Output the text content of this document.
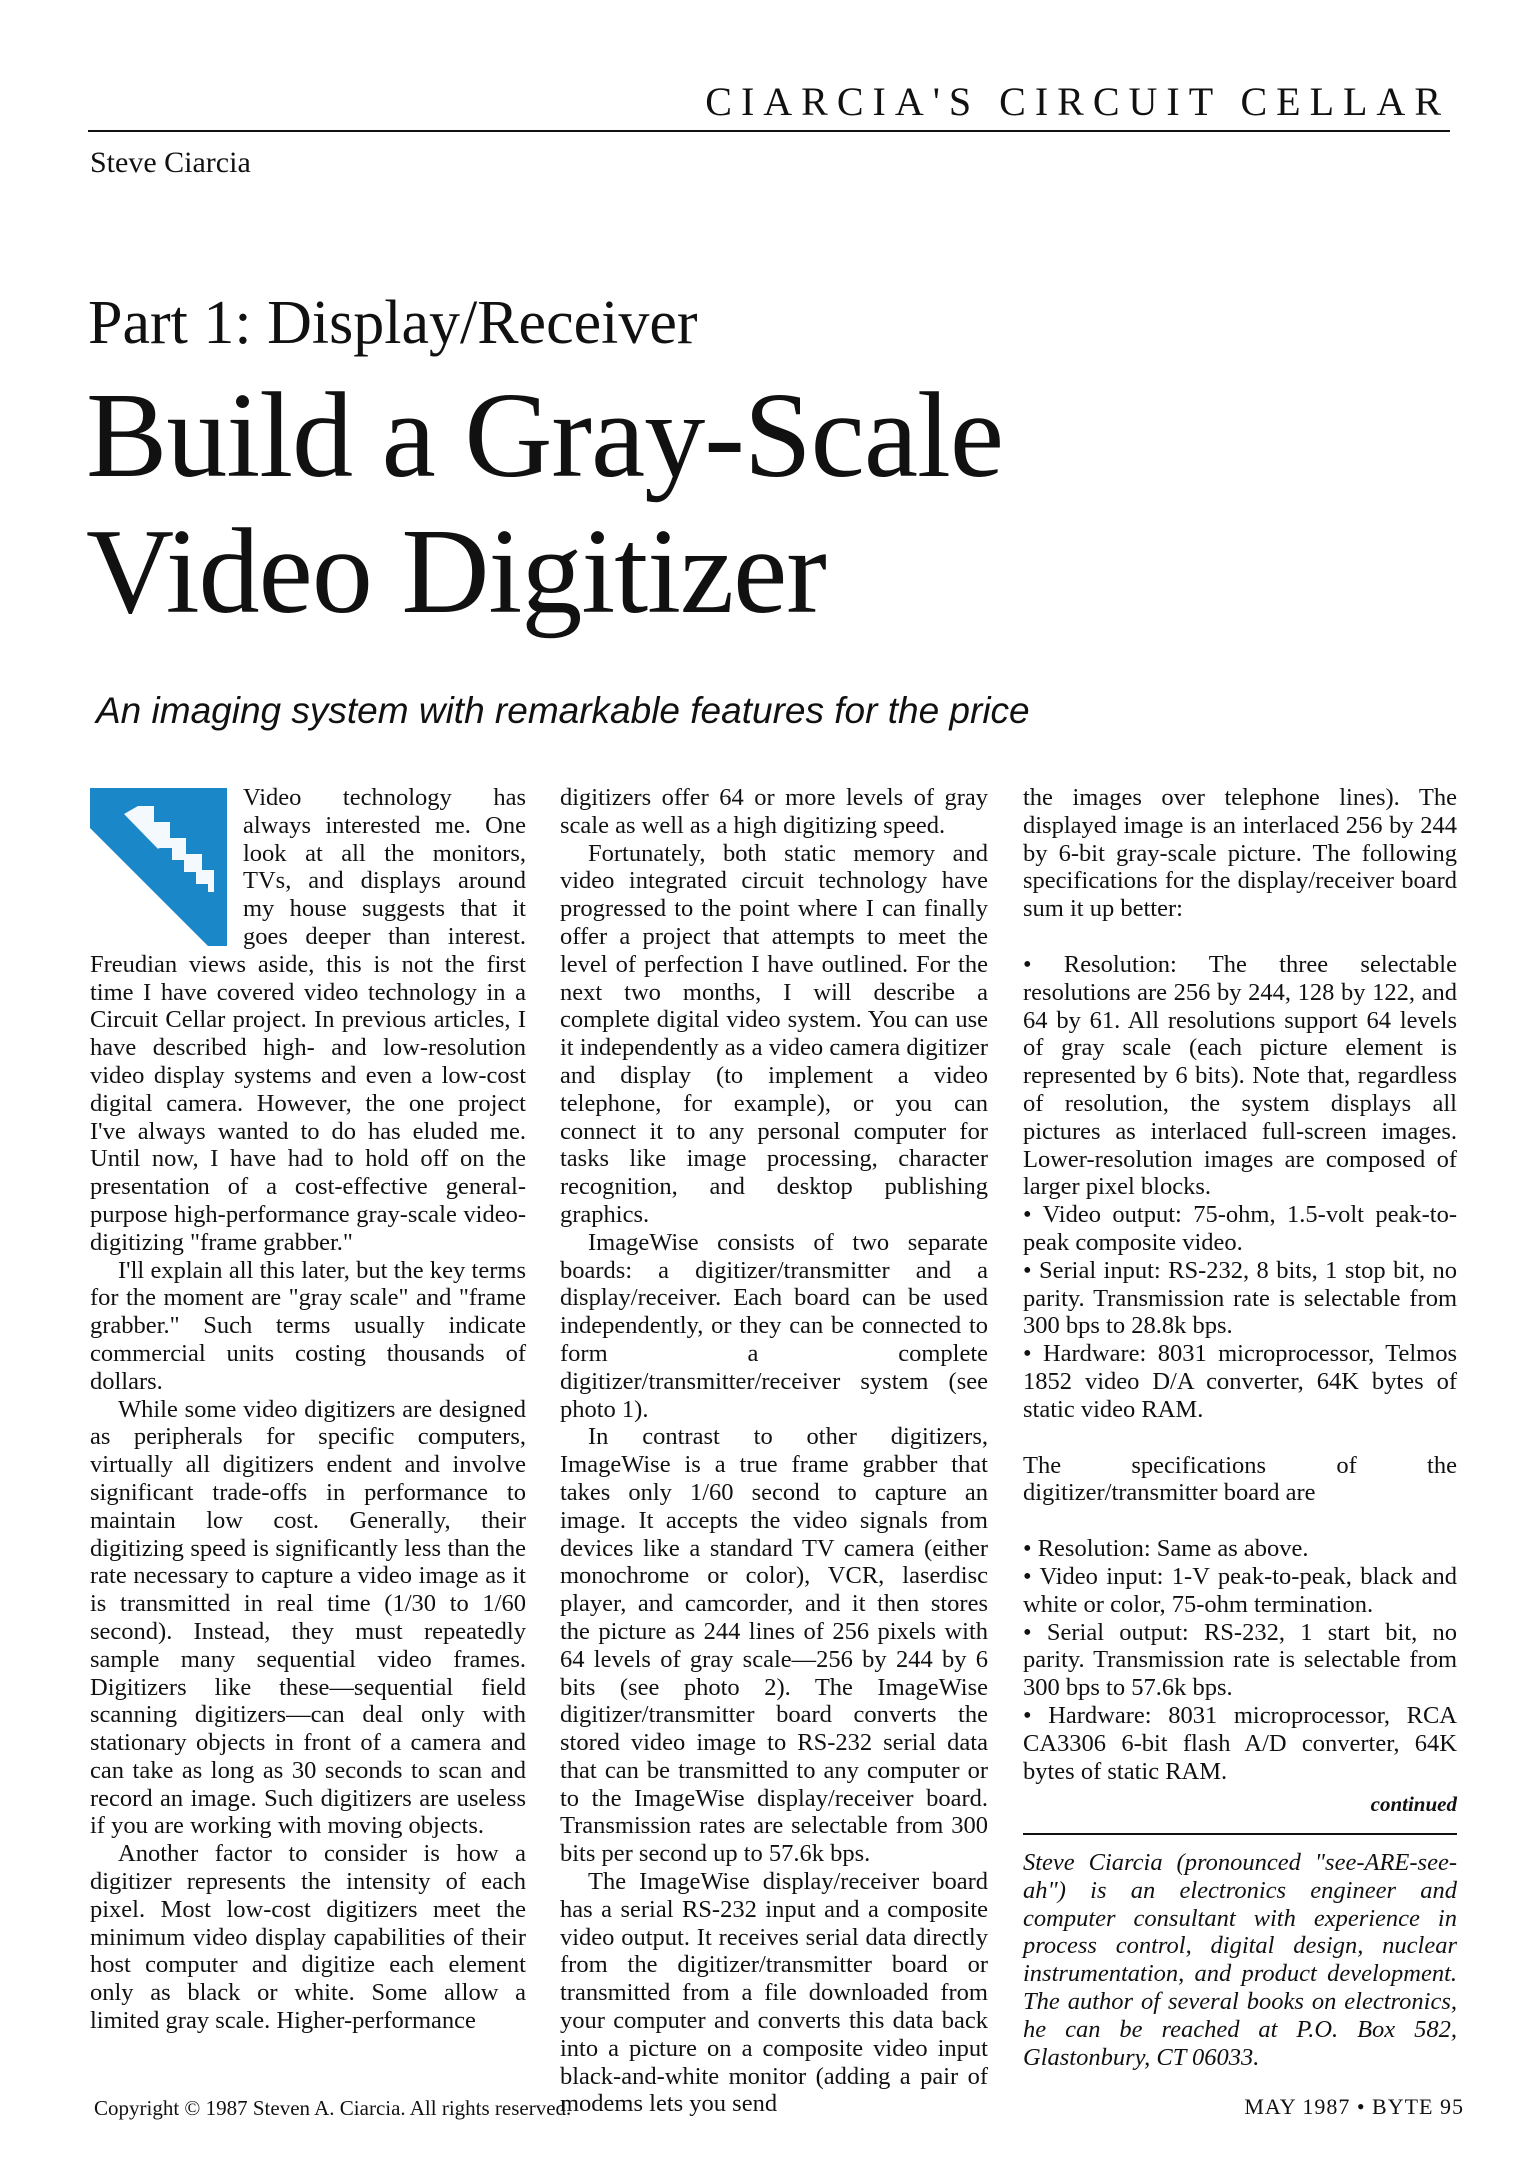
CIARCIA'S CIRCUIT CELLAR
Steve Ciarcia
Part 1: Display/Receiver
Build a Gray-Scale
Video Digitizer
An imaging system with remarkable features for the price

Video technology has always interested me. One look at all the monitors, TVs, and displays around my house suggests that it goes deeper than interest. Freudian views aside, this is not the first time I have covered video technology in a Circuit Cellar project. In previous articles, I have described high- and low-resolution video display systems and even a low-cost digital camera. However, the one project I've always wanted to do has eluded me. Until now, I have had to hold off on the presentation of a cost-effective general-purpose high-performance gray-scale video-digitizing "frame grabber."

I'll explain all this later, but the key terms for the moment are "gray scale" and "frame grabber." Such terms usually indicate commercial units costing thousands of dollars.

While some video digitizers are designed as peripherals for specific computers, virtually all digitizers endent and involve significant trade-offs in performance to maintain low cost. Generally, their digitizing speed is significantly less than the rate necessary to capture a video image as it is transmitted in real time (1/30 to 1/60 second). Instead, they must repeatedly sample many sequential video frames. Digitizers like these—sequential field scanning digitizers—can deal only with stationary objects in front of a camera and can take as long as 30 seconds to scan and record an image. Such digitizers are useless if you are working with moving objects.

Another factor to consider is how a digitizer represents the intensity of each pixel. Most low-cost digitizers meet the minimum video display capabilities of their host computer and digitize each element only as black or white. Some allow a limited gray scale. Higher-performance

digitizers offer 64 or more levels of gray scale as well as a high digitizing speed.

Fortunately, both static memory and video integrated circuit technology have progressed to the point where I can finally offer a project that attempts to meet the level of perfection I have outlined. For the next two months, I will describe a complete digital video system. You can use it independently as a video camera digitizer and display (to implement a video telephone, for example), or you can connect it to any personal computer for tasks like image processing, character recognition, and desktop publishing graphics.

ImageWise consists of two separate boards: a digitizer/transmitter and a display/receiver. Each board can be used independently, or they can be connected to form a complete digitizer/transmitter/receiver system (see photo 1).

In contrast to other digitizers, ImageWise is a true frame grabber that takes only 1/60 second to capture an image. It accepts the video signals from devices like a standard TV camera (either monochrome or color), VCR, laserdisc player, and camcorder, and it then stores the picture as 244 lines of 256 pixels with 64 levels of gray scale—256 by 244 by 6 bits (see photo 2). The ImageWise digitizer/transmitter board converts the stored video image to RS-232 serial data that can be transmitted to any computer or to the ImageWise display/receiver board. Transmission rates are selectable from 300 bits per second up to 57.6k bps.

The ImageWise display/receiver board has a serial RS-232 input and a composite video output. It receives serial data directly from the digitizer/transmitter board or transmitted from a file downloaded from your computer and converts this data back into a picture on a composite video input black-and-white monitor (adding a pair of modems lets you send

the images over telephone lines). The displayed image is an interlaced 256 by 244 by 6-bit gray-scale picture. The following specifications for the display/receiver board sum it up better:

• Resolution: The three selectable resolutions are 256 by 244, 128 by 122, and 64 by 61. All resolutions support 64 levels of gray scale (each picture element is represented by 6 bits). Note that, regardless of resolution, the system displays all pictures as interlaced full-screen images. Lower-resolution images are composed of larger pixel blocks.
• Video output: 75-ohm, 1.5-volt peak-to-peak composite video.
• Serial input: RS-232, 8 bits, 1 stop bit, no parity. Transmission rate is selectable from 300 bps to 28.8k bps.
• Hardware: 8031 microprocessor, Telmos 1852 video D/A converter, 64K bytes of static video RAM.

The specifications of the digitizer/transmitter board are

• Resolution: Same as above.
• Video input: 1-V peak-to-peak, black and white or color, 75-ohm termination.
• Serial output: RS-232, 1 start bit, no parity. Transmission rate is selectable from 300 bps to 57.6k bps.
• Hardware: 8031 microprocessor, RCA CA3306 6-bit flash A/D converter, 64K bytes of static RAM.
continued

Steve Ciarcia (pronounced "see-ARE-see-ah") is an electronics engineer and computer consultant with experience in process control, digital design, nuclear instrumentation, and product development. The author of several books on electronics, he can be reached at P.O. Box 582, Glastonbury, CT 06033.

Copyright © 1987 Steven A. Ciarcia. All rights reserved.	MAY 1987 • BYTE 95
